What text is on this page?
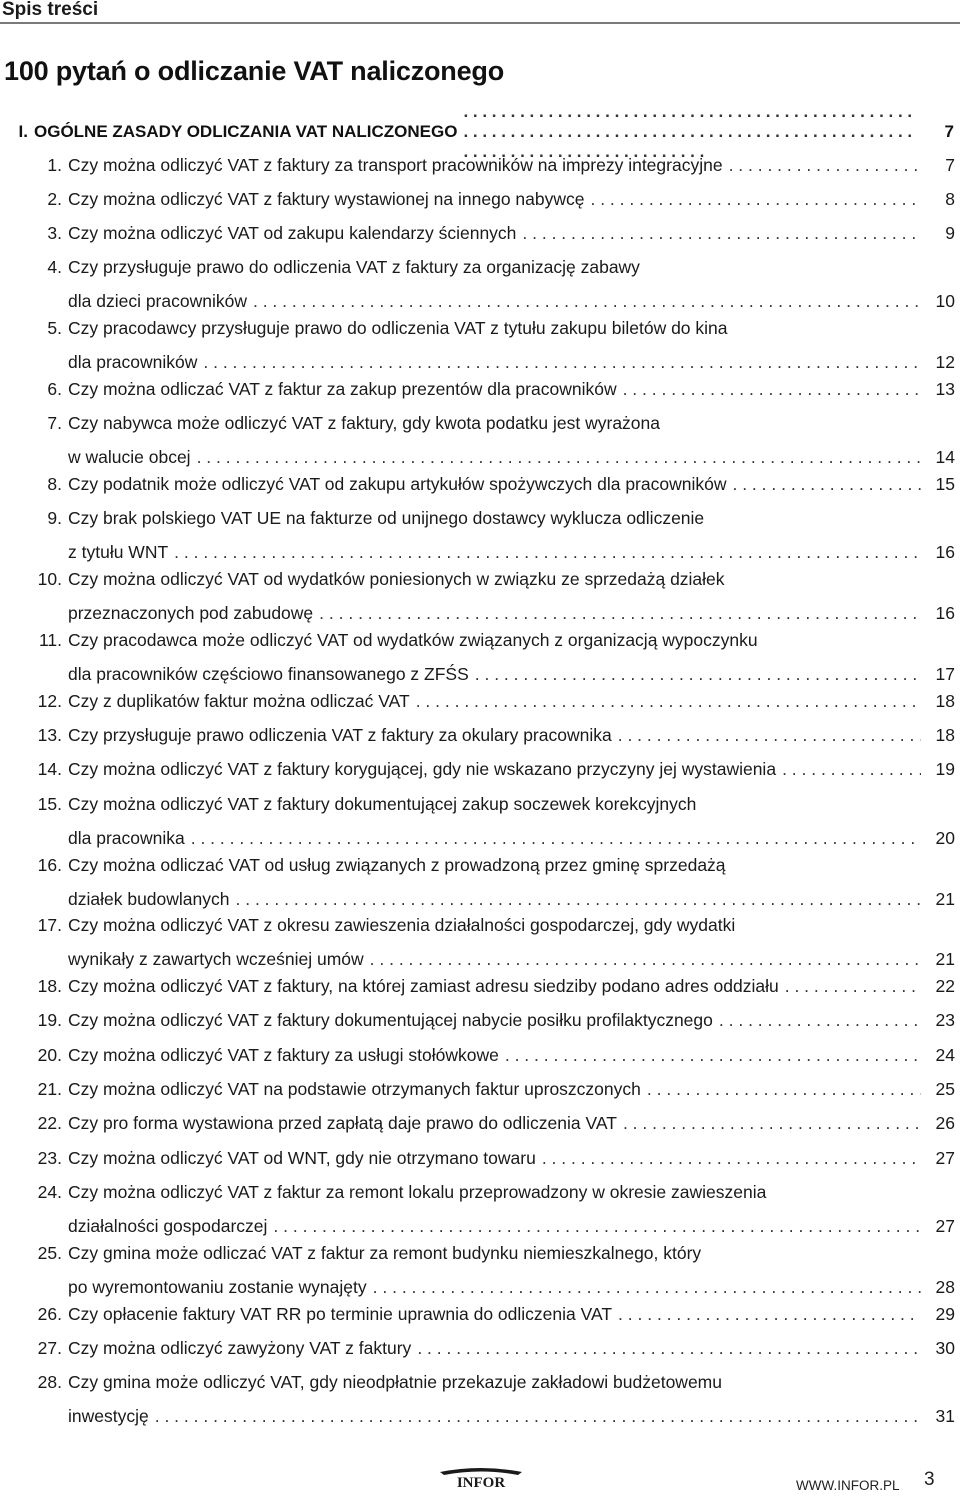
Spis treści
100 pytań o odliczanie VAT naliczonego
I. OGÓLNE ZASADY ODLICZANIA VAT NALICZONEGO . . .	7
1. Czy można odliczyć VAT z faktury za transport pracowników na imprezy integracyjne . . .	7
2. Czy można odliczyć VAT z faktury wystawionej na innego nabywcę . . .	8
3. Czy można odliczyć VAT od zakupu kalendarzy ściennych . . .	9
4. Czy przysługuje prawo do odliczenia VAT z faktury za organizację zabawy
dla dzieci pracowników . . .	10
5. Czy pracodawcy przysługuje prawo do odliczenia VAT z tytułu zakupu biletów do kina
dla pracowników . . .	12
6. Czy można odliczać VAT z faktur za zakup prezentów dla pracowników . . .	13
7. Czy nabywca może odliczyć VAT z faktury, gdy kwota podatku jest wyrażona
w walucie obcej . . .	14
8. Czy podatnik może odliczyć VAT od zakupu artykułów spożywczych dla pracowników . . .	15
9. Czy brak polskiego VAT UE na fakturze od unijnego dostawcy wyklucza odliczenie
z tytułu WNT . . .	16
10. Czy można odliczyć VAT od wydatków poniesionych w związku ze sprzedażą działek
przeznaczonych pod zabudowę . . .	16
11. Czy pracodawca może odliczyć VAT od wydatków związanych z organizacją wypoczynku
dla pracowników częściowo finansowanego z ZFŚS . . .	17
12. Czy z duplikatów faktur można odliczać VAT . . .	18
13. Czy przysługuje prawo odliczenia VAT z faktury za okulary pracownika . . .	18
14. Czy można odliczyć VAT z faktury korygującej, gdy nie wskazano przyczyny jej wystawienia . . .	19
15. Czy można odliczyć VAT z faktury dokumentującej zakup soczewek korekcyjnych
dla pracownika . . .	20
16. Czy można odliczać VAT od usług związanych z prowadzoną przez gminę sprzedażą
działek budowlanych . . .	21
17. Czy można odliczyć VAT z okresu zawieszenia działalności gospodarczej, gdy wydatki
wynikały z zawartych wcześniej umów . . .	21
18. Czy można odliczyć VAT z faktury, na której zamiast adresu siedziby podano adres oddziału . . .	22
19. Czy można odliczyć VAT z faktury dokumentującej nabycie posiłku profilaktycznego . . .	23
20. Czy można odliczyć VAT z faktury za usługi stołówkowe . . .	24
21. Czy można odliczyć VAT na podstawie otrzymanych faktur uproszczonych . . .	25
22. Czy pro forma wystawiona przed zapłatą daje prawo do odliczenia VAT . . .	26
23. Czy można odliczyć VAT od WNT, gdy nie otrzymano towaru . . .	27
24. Czy można odliczyć VAT z faktur za remont lokalu przeprowadzony w okresie zawieszenia
działalności gospodarczej . . .	27
25. Czy gmina może odliczać VAT z faktur za remont budynku niemieszkalnego, który
po wyremontowaniu zostanie wynajęty . . .	28
26. Czy opłacenie faktury VAT RR po terminie uprawnia do odliczenia VAT . . .	29
27. Czy można odliczyć zawyżony VAT z faktury . . .	30
28. Czy gmina może odliczyć VAT, gdy nieodpłatnie przekazuje zakładowi budżetowemu
inwestycję . . .	31
INFOR	WWW.INFOR.PL 3
